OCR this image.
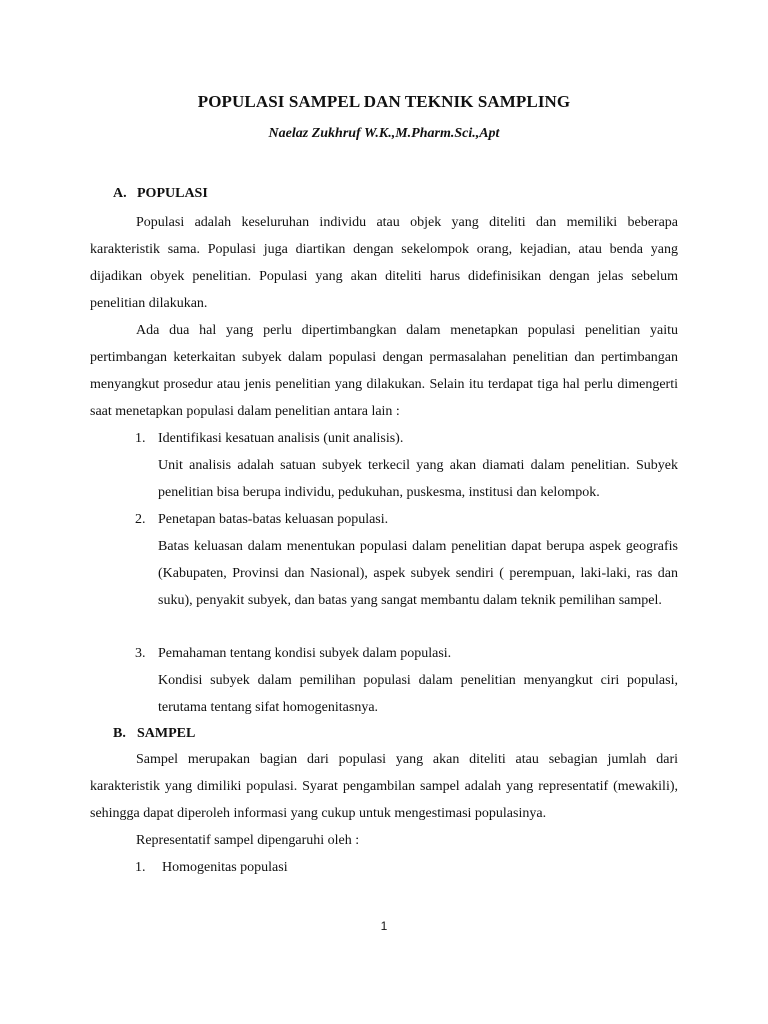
POPULASI SAMPEL DAN TEKNIK SAMPLING
Naelaz Zukhruf W.K.,M.Pharm.Sci.,Apt
A. POPULASI

Populasi adalah keseluruhan individu atau objek yang diteliti dan memiliki beberapa karakteristik sama. Populasi juga diartikan dengan sekelompok orang, kejadian, atau benda yang dijadikan obyek penelitian. Populasi yang akan diteliti harus didefinisikan dengan jelas sebelum penelitian dilakukan.

Ada dua hal yang perlu dipertimbangkan dalam menetapkan populasi penelitian yaitu pertimbangan keterkaitan subyek dalam populasi dengan permasalahan penelitian dan pertimbangan menyangkut prosedur atau jenis penelitian yang dilakukan. Selain itu terdapat tiga hal perlu dimengerti saat menetapkan populasi dalam penelitian antara lain :

1. Identifikasi kesatuan analisis (unit analisis).
Unit analisis adalah satuan subyek terkecil yang akan diamati dalam penelitian. Subyek penelitian bisa berupa individu, pedukuhan, puskesma, institusi dan kelompok.
2. Penetapan batas-batas keluasan populasi.
Batas keluasan dalam menentukan populasi dalam penelitian dapat berupa aspek geografis (Kabupaten, Provinsi dan Nasional), aspek subyek sendiri ( perempuan, laki-laki, ras dan suku), penyakit subyek, dan batas yang sangat membantu dalam teknik pemilihan sampel.
3. Pemahaman tentang kondisi subyek dalam populasi.
Kondisi subyek dalam pemilihan populasi dalam penelitian menyangkut ciri populasi, terutama tentang sifat homogenitasnya.
B. SAMPEL

Sampel merupakan bagian dari populasi yang akan diteliti atau sebagian jumlah dari karakteristik yang dimiliki populasi. Syarat pengambilan sampel adalah yang representatif (mewakili), sehingga dapat diperoleh informasi yang cukup untuk mengestimasi populasinya.

Representatif sampel dipengaruhi oleh :

1. Homogenitas populasi
1
